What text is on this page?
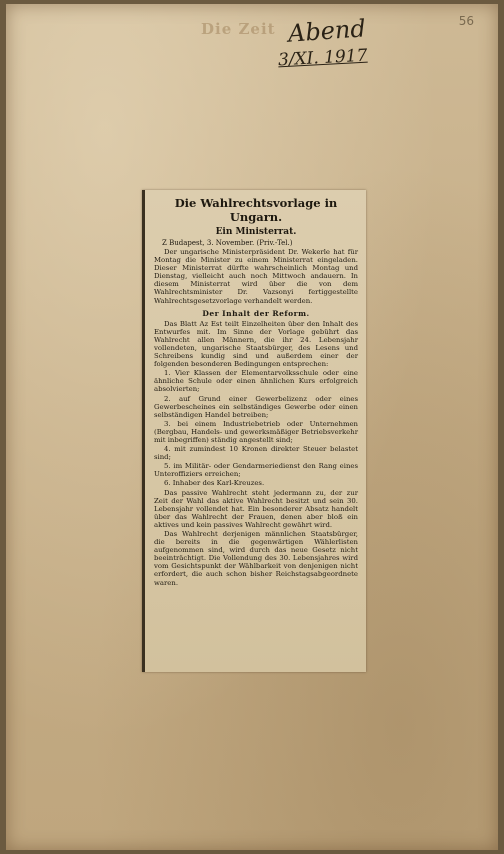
Die Zeit Abend
3/XI. 1917
56
Die Wahlrechtsvorlage in Ungarn.
Ein Ministerrat.
Z Budapest, 3. November. (Priv.-Tel.)

Der ungarische Ministerpräsident Dr. Wekerle hat für Montag die Minister zu einem Ministerrat eingeladen. Dieser Ministerrat dürfte wahrscheinlich Montag und Dienstag, vielleicht auch noch Mittwoch andauern. In diesem Ministerrat wird über die von dem Wahlrechtsminister Dr. Vazsonyi fertiggestellte Wahlrechtsgesetzvorlage verhandelt werden.

Der Inhalt der Reform.

Das Blatt Az Est teilt Einzelheiten über den Inhalt des Entwurfes mit. Im Sinne der Vorlage gebührt das Wahlrecht allen Männern, die ihr 24. Lebensjahr vollendeten, ungarische Staatsbürger, des Lesens und Schreibens kundig sind und außerdem einer der folgenden besonderen Bedingungen entsprechen:

1. Vier Klassen der Elementarvolksschule oder eine ähnliche Schule oder einen ähnlichen Kurs erfolgreich absolvierten;

2. auf Grund einer Gewerbelizenz oder eines Gewerbescheines ein selbständiges Gewerbe oder einen selbständigen Handel betreiben;

3. bei einem Industriebetrieb oder Unternehmen (Bergbau, Handels- und gewerksmäßiger Betriebsverkehr mit inbegriffen) ständig angestellt sind;

4. mit zumindest 10 Kronen direkter Steuer belastet sind;

5. im Militär- oder Gendarmeriedienst den Rang eines Unteroffiziers erreichen;

6. Inhaber des Karl-Kreuzes.

Das passive Wahlrecht steht jedermann zu, der zur Zeit der Wahl das aktive Wahlrecht besitzt und sein 30. Lebensjahr vollendet hat. Ein besonderer Absatz handelt über das Wahlrecht der Frauen, denen aber bloß ein aktives und kein passives Wahlrecht gewährt wird.

Das Wahlrecht derjenigen männlichen Staatsbürger, die bereits in die gegenwärtigen Wählerlisten aufgenommen sind, wird durch das neue Gesetz nicht beeinträchtigt. Die Vollendung des 30. Lebensjahres wird vom Gesichtspunkt der Wählbarkeit von denjenigen nicht erfordert, die auch schon bisher Reichstagsabgeordnete waren.
